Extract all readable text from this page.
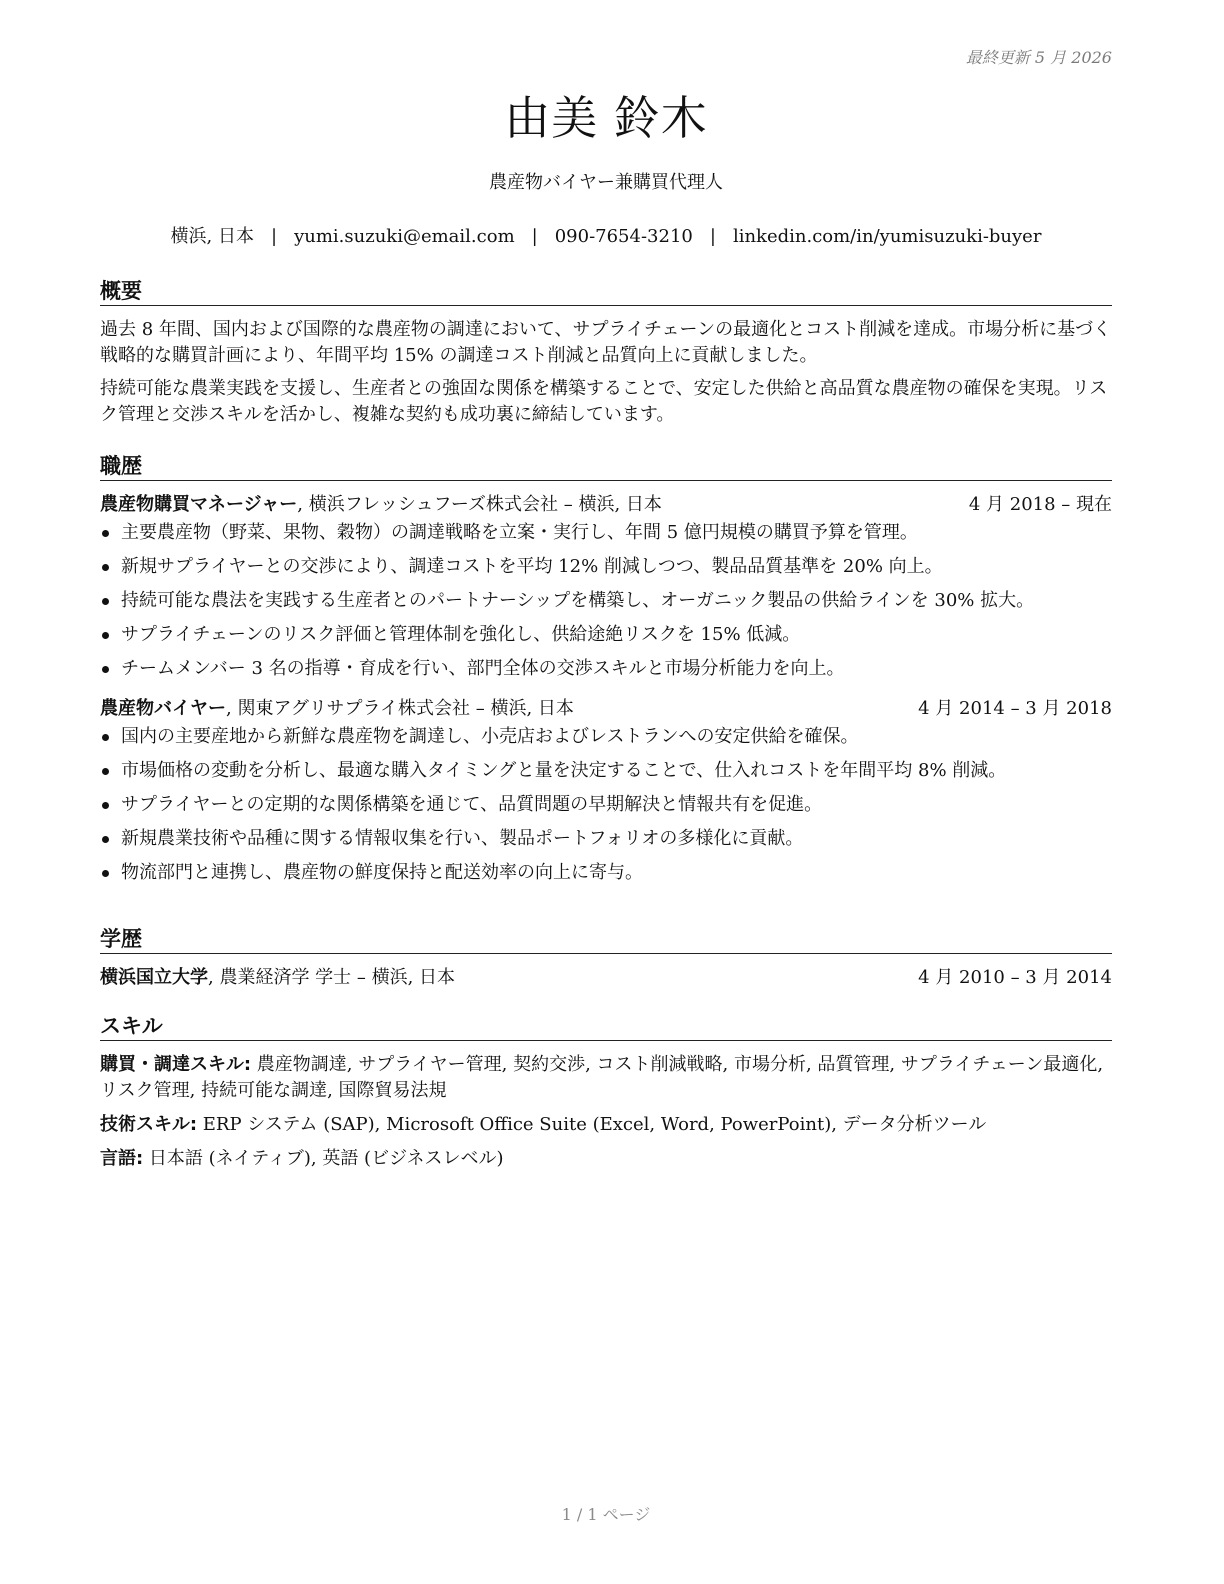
最終更新 5 月 2026
由美 鈴木
農産物バイヤー兼購買代理人
横浜, 日本 | yumi.suzuki@email.com | 090-7654-3210 | linkedin.com/in/yumisuzuki-buyer
概要
過去 8 年間、国内および国際的な農産物の調達において、サプライチェーンの最適化とコスト削減を達成。市場分析に基づく戦略的な購買計画により、年間平均 15% の調達コスト削減と品質向上に貢献しました。
持続可能な農業実践を支援し、生産者との強固な関係を構築することで、安定した供給と高品質な農産物の確保を実現。リスク管理と交渉スキルを活かし、複雑な契約も成功裏に締結しています。
職歴
農産物購買マネージャー, 横浜フレッシュフーズ株式会社 – 横浜, 日本	4 月 2018 – 現在
主要農産物（野菜、果物、穀物）の調達戦略を立案・実行し、年間 5 億円規模の購買予算を管理。
新規サプライヤーとの交渉により、調達コストを平均 12% 削減しつつ、製品品質基準を 20% 向上。
持続可能な農法を実践する生産者とのパートナーシップを構築し、オーガニック製品の供給ラインを 30% 拡大。
サプライチェーンのリスク評価と管理体制を強化し、供給途絶リスクを 15% 低減。
チームメンバー 3 名の指導・育成を行い、部門全体の交渉スキルと市場分析能力を向上。
農産物バイヤー, 関東アグリサプライ株式会社 – 横浜, 日本	4 月 2014 – 3 月 2018
国内の主要産地から新鮮な農産物を調達し、小売店およびレストランへの安定供給を確保。
市場価格の変動を分析し、最適な購入タイミングと量を決定することで、仕入れコストを年間平均 8% 削減。
サプライヤーとの定期的な関係構築を通じて、品質問題の早期解決と情報共有を促進。
新規農業技術や品種に関する情報収集を行い、製品ポートフォリオの多様化に貢献。
物流部門と連携し、農産物の鮮度保持と配送効率の向上に寄与。
学歴
横浜国立大学, 農業経済学 学士 – 横浜, 日本	4 月 2010 – 3 月 2014
スキル
購買・調達スキル: 農産物調達, サプライヤー管理, 契約交渉, コスト削減戦略, 市場分析, 品質管理, サプライチェーン最適化, リスク管理, 持続可能な調達, 国際貿易法規
技術スキル: ERP システム (SAP), Microsoft Office Suite (Excel, Word, PowerPoint), データ分析ツール
言語: 日本語 (ネイティブ), 英語 (ビジネスレベル)
1 / 1 ページ
